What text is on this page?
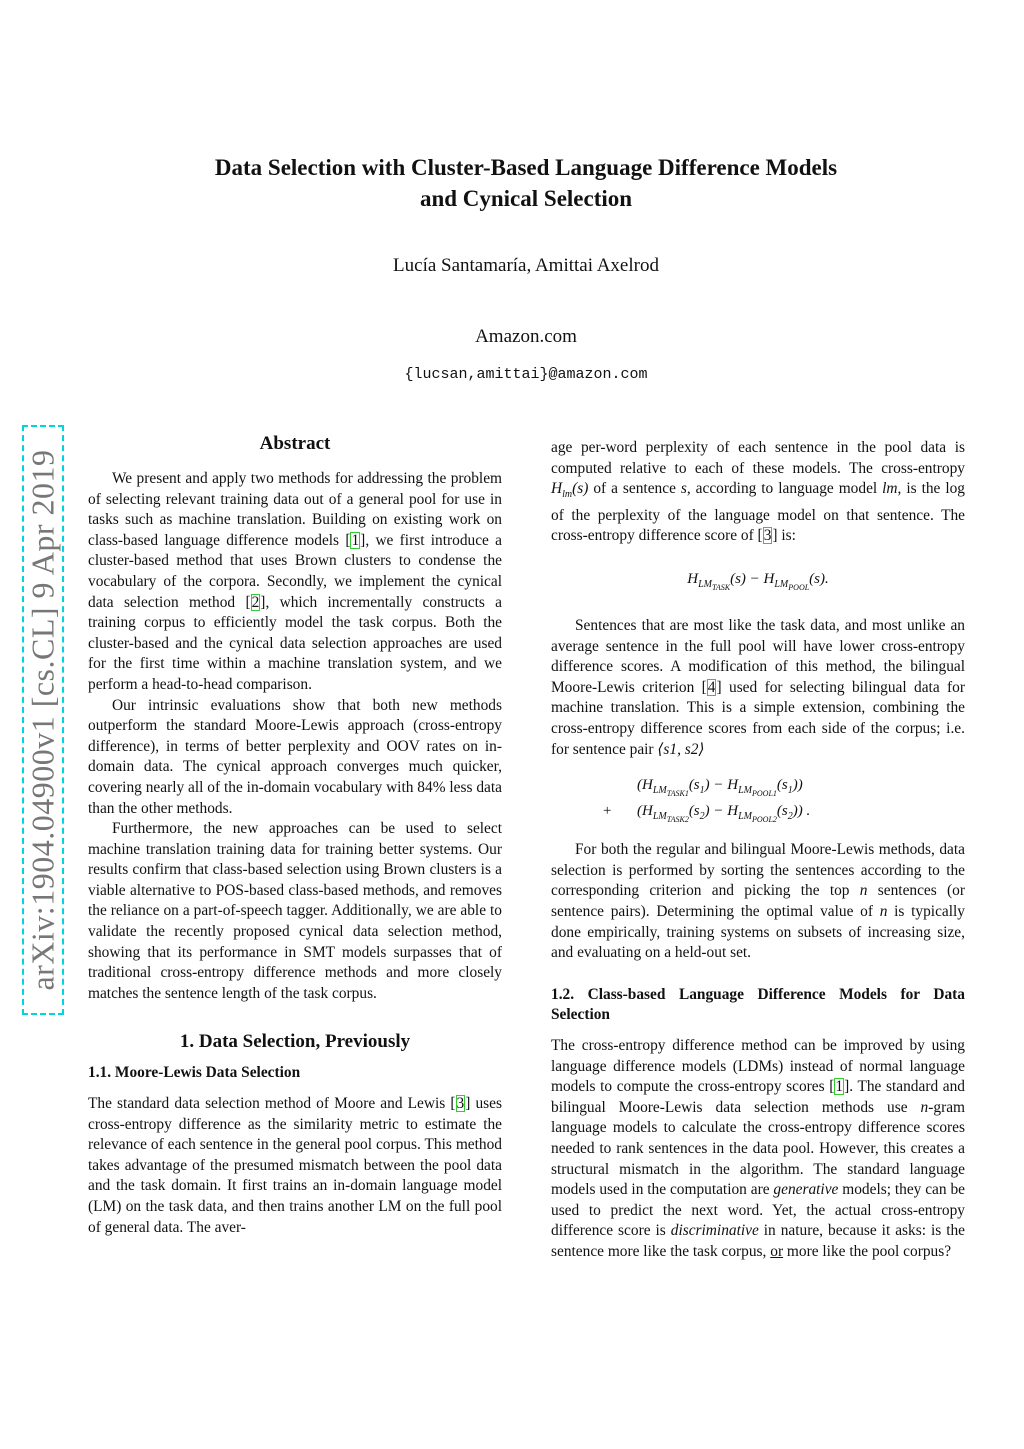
Data Selection with Cluster-Based Language Difference Models
and Cynical Selection
Lucía Santamaría, Amittai Axelrod
Amazon.com
{lucsan,amittai}@amazon.com
arXiv:1904.04900v1 [cs.CL] 9 Apr 2019
Abstract

We present and apply two methods for addressing the problem of selecting relevant training data out of a general pool for use in tasks such as machine translation. Building on existing work on class-based language difference models [1], we first introduce a cluster-based method that uses Brown clusters to condense the vocabulary of the corpora. Secondly, we implement the cynical data selection method [2], which incrementally constructs a training corpus to efficiently model the task corpus. Both the cluster-based and the cynical data selection approaches are used for the first time within a machine translation system, and we perform a head-to-head comparison.

Our intrinsic evaluations show that both new methods outperform the standard Moore-Lewis approach (cross-entropy difference), in terms of better perplexity and OOV rates on in-domain data. The cynical approach converges much quicker, covering nearly all of the in-domain vocabulary with 84% less data than the other methods.

Furthermore, the new approaches can be used to select machine translation training data for training better systems. Our results confirm that class-based selection using Brown clusters is a viable alternative to POS-based class-based methods, and removes the reliance on a part-of-speech tagger. Additionally, we are able to validate the recently proposed cynical data selection method, showing that its performance in SMT models surpasses that of traditional cross-entropy difference methods and more closely matches the sentence length of the task corpus.

1. Data Selection, Previously
1.1. Moore-Lewis Data Selection

The standard data selection method of Moore and Lewis [3] uses cross-entropy difference as the similarity metric to estimate the relevance of each sentence in the general pool corpus. This method takes advantage of the presumed mismatch between the pool data and the task domain. It first trains an in-domain language model (LM) on the task data, and then trains another LM on the full pool of general data. The aver-

age per-word perplexity of each sentence in the pool data is computed relative to each of these models. The cross-entropy $H_{lm}(s)$ of a sentence s, according to language model lm, is the log of the perplexity of the language model on that sentence. The cross-entropy difference score of [3] is:

$H_{LM_{TASK}}(s) - H_{LM_{POOL}}(s)$.

Sentences that are most like the task data, and most unlike an average sentence in the full pool will have lower cross-entropy difference scores. A modification of this method, the bilingual Moore-Lewis criterion [4] used for selecting bilingual data for machine translation. This is a simple extension, combining the cross-entropy difference scores from each side of the corpus; i.e. for sentence pair ⟨s1, s2⟩

$(H_{LM_{TASK1}}(s_1) - H_{LM_{POOL1}}(s_1))$
+ $(H_{LM_{TASK2}}(s_2) - H_{LM_{POOL2}}(s_2))$ .

For both the regular and bilingual Moore-Lewis methods, data selection is performed by sorting the sentences according to the corresponding criterion and picking the top n sentences (or sentence pairs). Determining the optimal value of n is typically done empirically, training systems on subsets of increasing size, and evaluating on a held-out set.

1.2. Class-based Language Difference Models for Data Selection

The cross-entropy difference method can be improved by using language difference models (LDMs) instead of normal language models to compute the cross-entropy scores [1]. The standard and bilingual Moore-Lewis data selection methods use n-gram language models to calculate the cross-entropy difference scores needed to rank sentences in the data pool. However, this creates a structural mismatch in the algorithm. The standard language models used in the computation are generative models; they can be used to predict the next word. Yet, the actual cross-entropy difference score is discriminative in nature, because it asks: is the sentence more like the task corpus, or more like the pool corpus?
